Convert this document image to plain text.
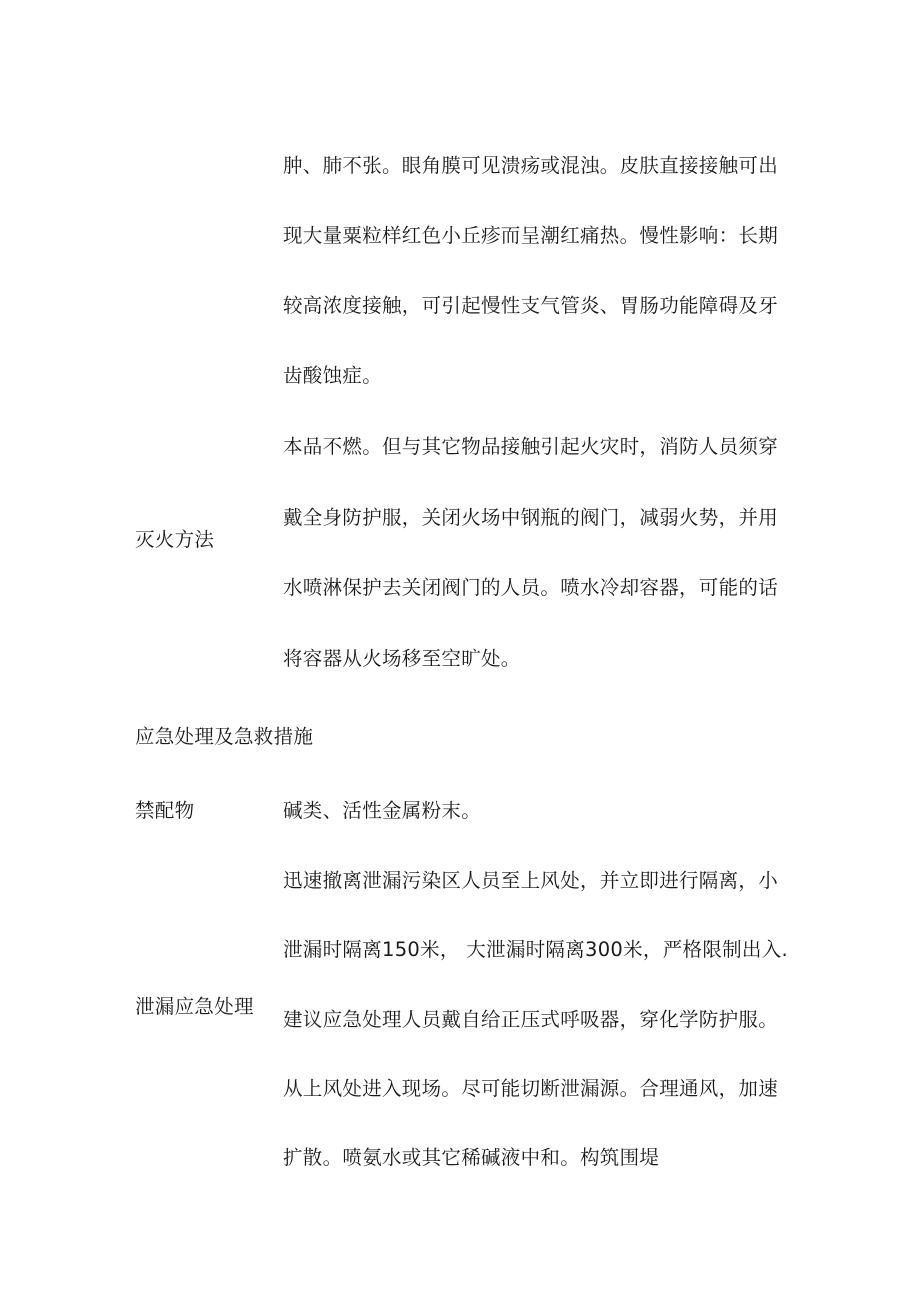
肿、肺不张。眼角膜可见溃疡或混浊。皮肤直接接触可出
现大量粟粒样红色小丘疹而呈潮红痛热。慢性影响：长期
较高浓度接触，可引起慢性支气管炎、胃肠功能障碍及牙
齿酸蚀症。
本品不燃。但与其它物品接触引起火灾时，消防人员须穿
戴全身防护服，关闭火场中钢瓶的阀门，减弱火势，并用
灭火方法
水喷淋保护去关闭阀门的人员。喷水冷却容器，可能的话
将容器从火场移至空旷处。
应急处理及急救措施
禁配物	碱类、活性金属粉末。
迅速撤离泄漏污染区人员至上风处，并立即进行隔离，小
泄漏时隔离150米， 大泄漏时隔离300米，严格限制出入.
泄漏应急处理
建议应急处理人员戴自给正压式呼吸器，穿化学防护服。
从上风处进入现场。尽可能切断泄漏源。合理通风，加速
扩散。喷氨水或其它稀碱液中和。构筑围堤
